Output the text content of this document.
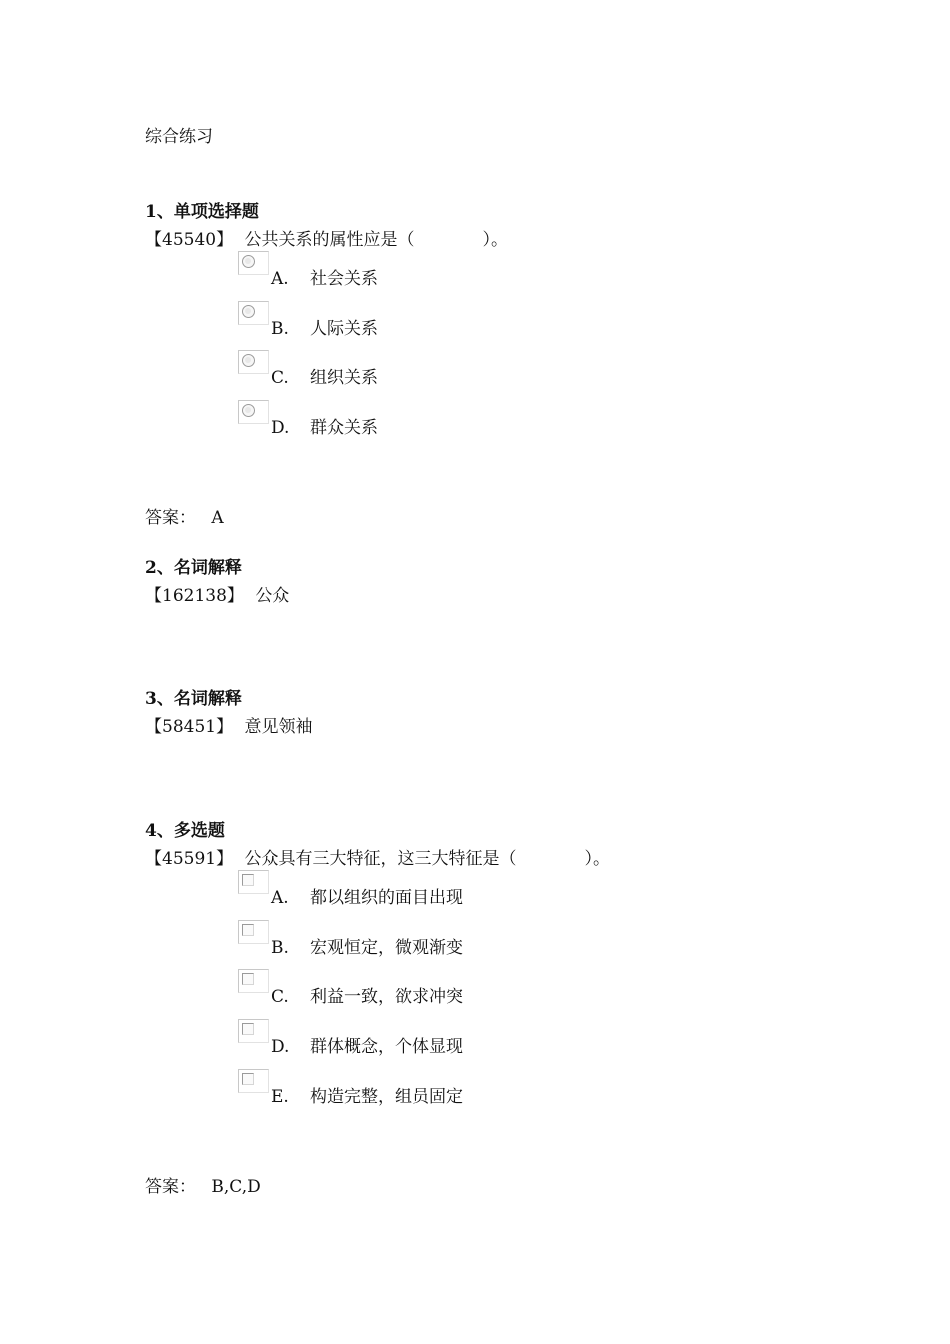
综合练习
1、单项选择题
【45540】 公共关系的属性应是（　　　　）。
A. 社会关系
B. 人际关系
C. 组织关系
D. 群众关系
答案： A
2、名词解释
【162138】 公众
3、名词解释
【58451】 意见领袖
4、多选题
【45591】 公众具有三大特征，这三大特征是（　　　　）。
A. 都以组织的面目出现
B. 宏观恒定，微观渐变
C. 利益一致，欲求冲突
D. 群体概念，个体显现
E. 构造完整，组员固定
答案： B,C,D
